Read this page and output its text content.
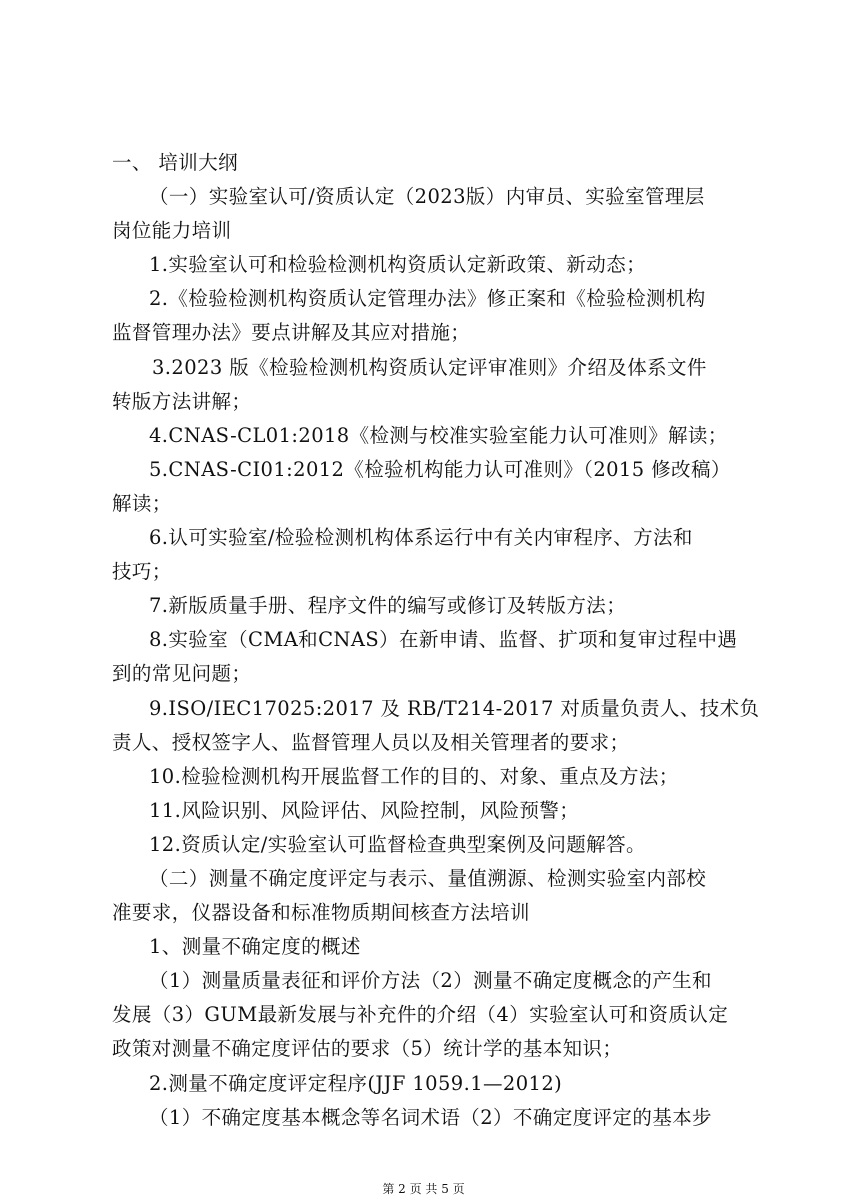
一、 培训大纲
（一）实验室认可/资质认定（2023版）内审员、实验室管理层
岗位能力培训
1.实验室认可和检验检测机构资质认定新政策、新动态；
2.《检验检测机构资质认定管理办法》修正案和《检验检测机构
监督管理办法》要点讲解及其应对措施；
3.2023 版《检验检测机构资质认定评审准则》介绍及体系文件
转版方法讲解；
4.CNAS-CL01:2018《检测与校准实验室能力认可准则》解读；
5.CNAS-CI01:2012《检验机构能力认可准则》（2015 修改稿）
解读；
6.认可实验室/检验检测机构体系运行中有关内审程序、方法和
技巧；
7.新版质量手册、程序文件的编写或修订及转版方法；
8.实验室（CMA和CNAS）在新申请、监督、扩项和复审过程中遇
到的常见问题；
9.ISO/IEC17025:2017 及 RB/T214-2017 对质量负责人、技术负
责人、授权签字人、监督管理人员以及相关管理者的要求；
10.检验检测机构开展监督工作的目的、对象、重点及方法；
11.风险识别、风险评估、风险控制，风险预警；
12.资质认定/实验室认可监督检查典型案例及问题解答。
（二）测量不确定度评定与表示、量值溯源、检测实验室内部校
准要求，仪器设备和标准物质期间核查方法培训
1、测量不确定度的概述
（1）测量质量表征和评价方法（2）测量不确定度概念的产生和
发展（3）GUM最新发展与补充件的介绍（4）实验室认可和资质认定
政策对测量不确定度评估的要求（5）统计学的基本知识；
2.测量不确定度评定程序(JJF 1059.1—2012)
（1）不确定度基本概念等名词术语（2）不确定度评定的基本步
第 2 页 共 5 页
